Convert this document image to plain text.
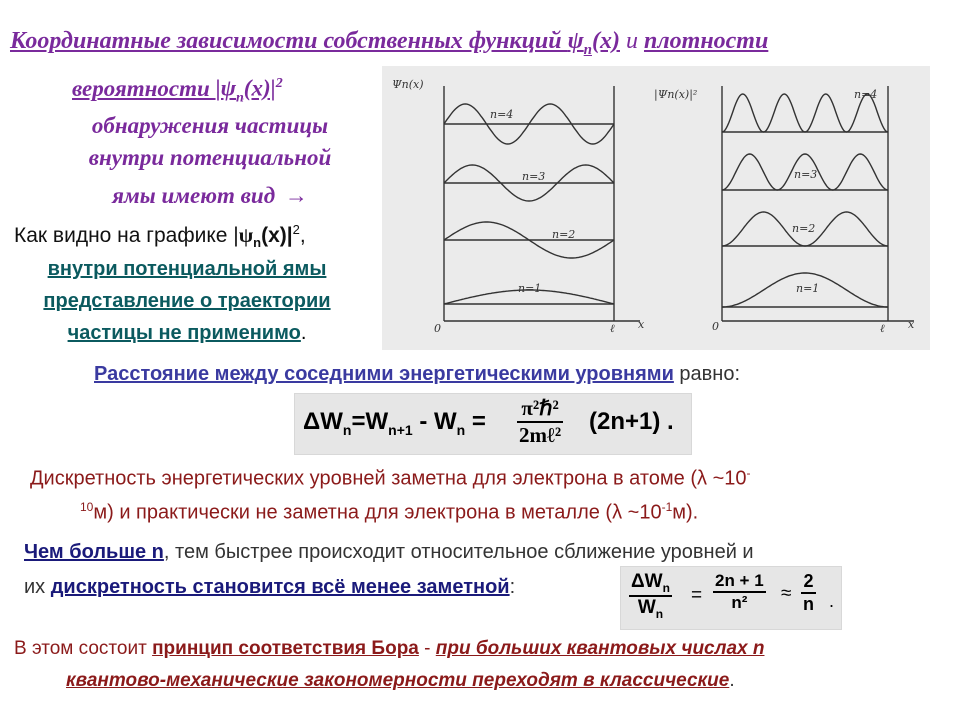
Координатные зависимости собственных функций $\psi_n(x)$ и плотности
вероятности $|\psi_n(x)|^2$
обнаружения частицы
внутри потенциальной
ямы имеют вид →
Как видно на графике $|\psi_n(x)|^2$,
внутри потенциальной ямы
представление о траектории
частицы не применимо.
Ψn(x)
0	ℓ x
n=1
n=2
n=3
n=4
|Ψn(x)|²
0	ℓ x
n=1
n=2
n=3
n=4
Расстояние между соседними энергетическими уровнями равно:
$\Delta W_n=W_{n+1} - W_n$ = π²ℏ²
2mℓ² (2n+1) .
Дискретность энергетических уровней заметна для электрона в атоме (λ ~10-
$^{10}$м) и практически не заметна для электрона в металле (λ $\sim 10^{-1}м$).
Чем больше n, тем быстрее происходит относительное сближение уровней и
их дискретность становится всё менее заметной:	$\Delta W_n$
$W_n$
= $\frac{2n + 1}{\text{n²}} \approx \frac{2}{n}$ .
В этом состоит принцип соответствия Бора - при больших квантовых числах n
квантово-механические закономерности переходят в классические.
